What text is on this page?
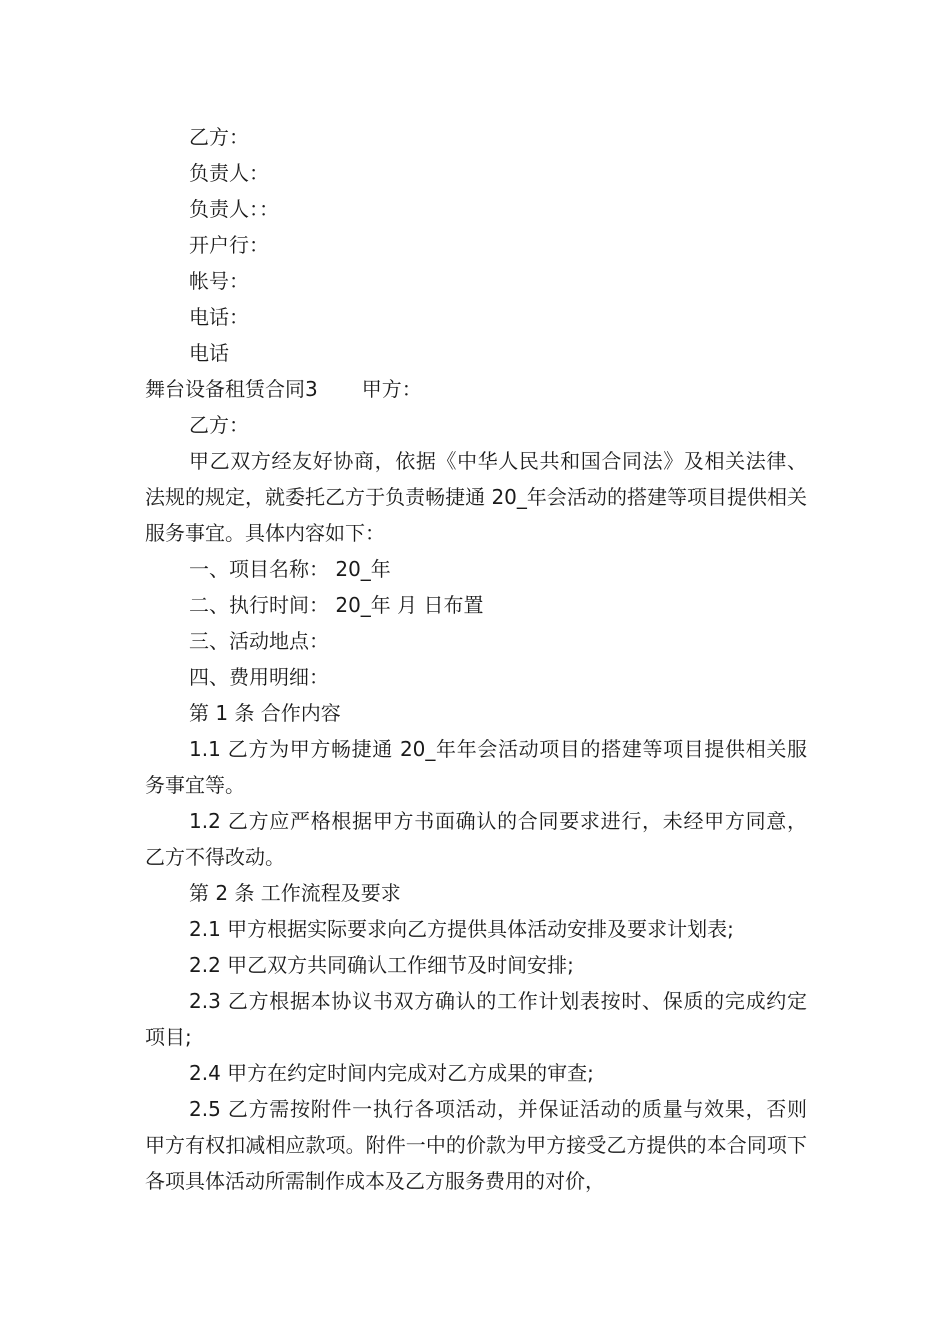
乙方：

负责人：

负责人：：

开户行：

帐号：

电话：

电话

舞台设备租赁合同3 甲方：

乙方：

甲乙双方经友好协商，依据《中华人民共和国合同法》及相关法律、法规的规定，就委托乙方于负责畅捷通 20_年会活动的搭建等项目提供相关服务事宜。具体内容如下：

一、项目名称： 20_年

二、执行时间： 20_年 月 日布置

三、活动地点：

四、费用明细：

第 1 条 合作内容

1.1 乙方为甲方畅捷通 20_年年会活动项目的搭建等项目提供相关服务事宜等。

1.2 乙方应严格根据甲方书面确认的合同要求进行，未经甲方同意，乙方不得改动。

第 2 条 工作流程及要求

2.1 甲方根据实际要求向乙方提供具体活动安排及要求计划表;

2.2 甲乙双方共同确认工作细节及时间安排;

2.3 乙方根据本协议书双方确认的工作计划表按时、保质的完成约定项目;

2.4 甲方在约定时间内完成对乙方成果的审查;

2.5 乙方需按附件一执行各项活动，并保证活动的质量与效果，否则甲方有权扣减相应款项。附件一中的价款为甲方接受乙方提供的本合同项下各项具体活动所需制作成本及乙方服务费用的对价，
